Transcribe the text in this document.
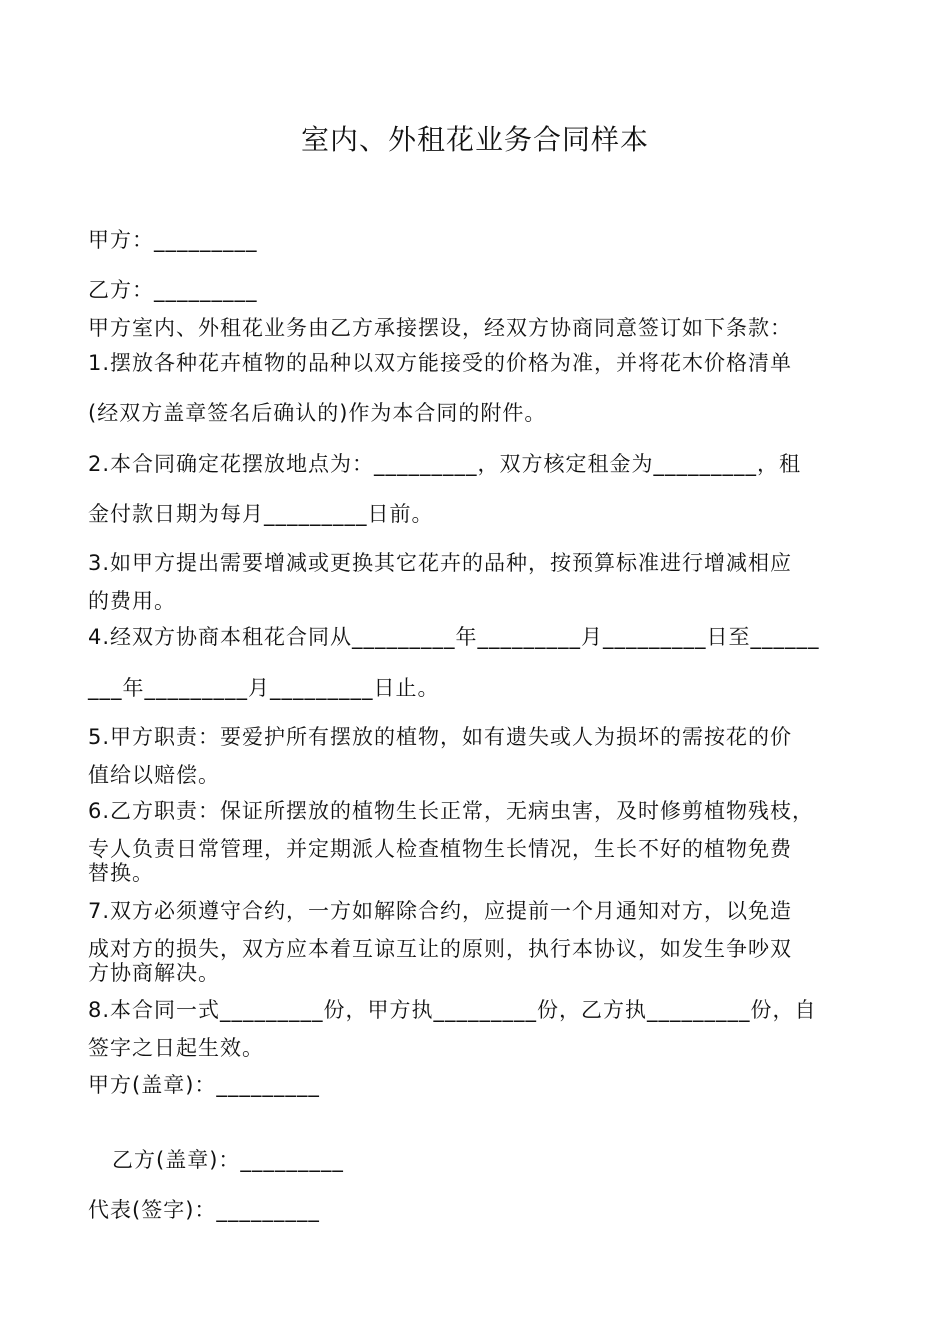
室内、外租花业务合同样本
甲方：_________
乙方：_________
甲方室内、外租花业务由乙方承接摆设，经双方协商同意签订如下条款：
1.摆放各种花卉植物的品种以双方能接受的价格为准，并将花木价格清单
(经双方盖章签名后确认的)作为本合同的附件。
2.本合同确定花摆放地点为：_________，双方核定租金为_________，租
金付款日期为每月_________日前。
3.如甲方提出需要增减或更换其它花卉的品种，按预算标准进行增减相应
的费用。
4.经双方协商本租花合同从_________年_________月_________日至______
___年_________月_________日止。
5.甲方职责：要爱护所有摆放的植物，如有遗失或人为损坏的需按花的价
值给以赔偿。
6.乙方职责：保证所摆放的植物生长正常，无病虫害，及时修剪植物残枝，
专人负责日常管理，并定期派人检查植物生长情况，生长不好的植物免费
替换。
7.双方必须遵守合约，一方如解除合约，应提前一个月通知对方，以免造
成对方的损失，双方应本着互谅互让的原则，执行本协议，如发生争吵双
方协商解决。
8.本合同一式_________份，甲方执_________份，乙方执_________份，自
签字之日起生效。
甲方(盖章)：_________
乙方(盖章)：_________
代表(签字)：_________
